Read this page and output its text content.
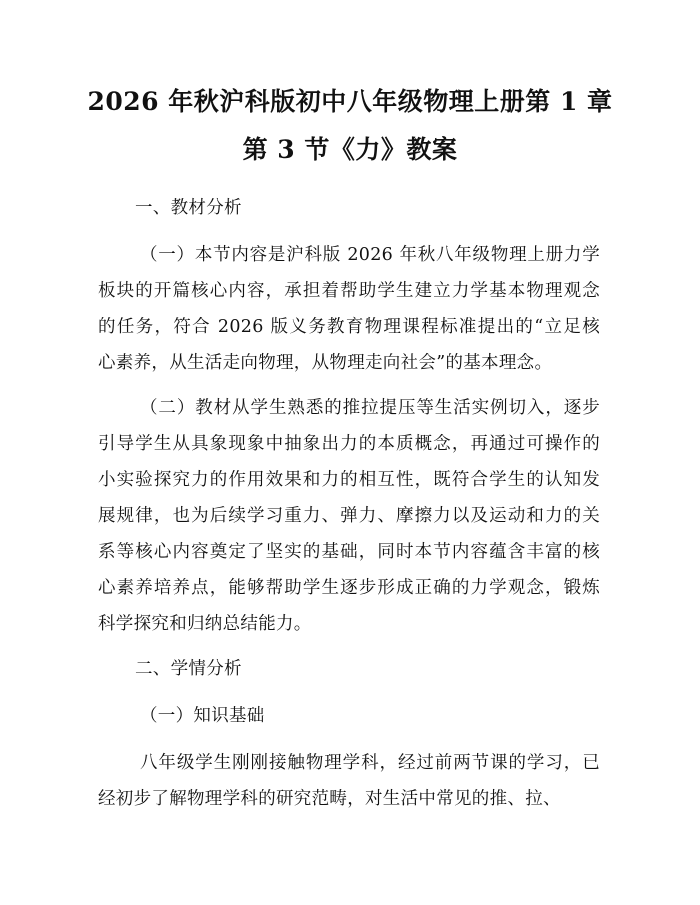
2026 年秋沪科版初中八年级物理上册第 1 章
第 3 节《力》教案
一、教材分析
（一）本节内容是沪科版 2026 年秋八年级物理上册力学
板块的开篇核心内容，承担着帮助学生建立力学基本物理观念
的任务，符合 2026 版义务教育物理课程标准提出的“立足核
心素养，从生活走向物理，从物理走向社会”的基本理念。
（二）教材从学生熟悉的推拉提压等生活实例切入，逐步
引导学生从具象现象中抽象出力的本质概念，再通过可操作的
小实验探究力的作用效果和力的相互性，既符合学生的认知发
展规律，也为后续学习重力、弹力、摩擦力以及运动和力的关
系等核心内容奠定了坚实的基础，同时本节内容蕴含丰富的核
心素养培养点，能够帮助学生逐步形成正确的力学观念，锻炼
科学探究和归纳总结能力。
二、学情分析
（一）知识基础
八年级学生刚刚接触物理学科，经过前两节课的学习，已
经初步了解物理学科的研究范畴，对生活中常见的推、拉、
